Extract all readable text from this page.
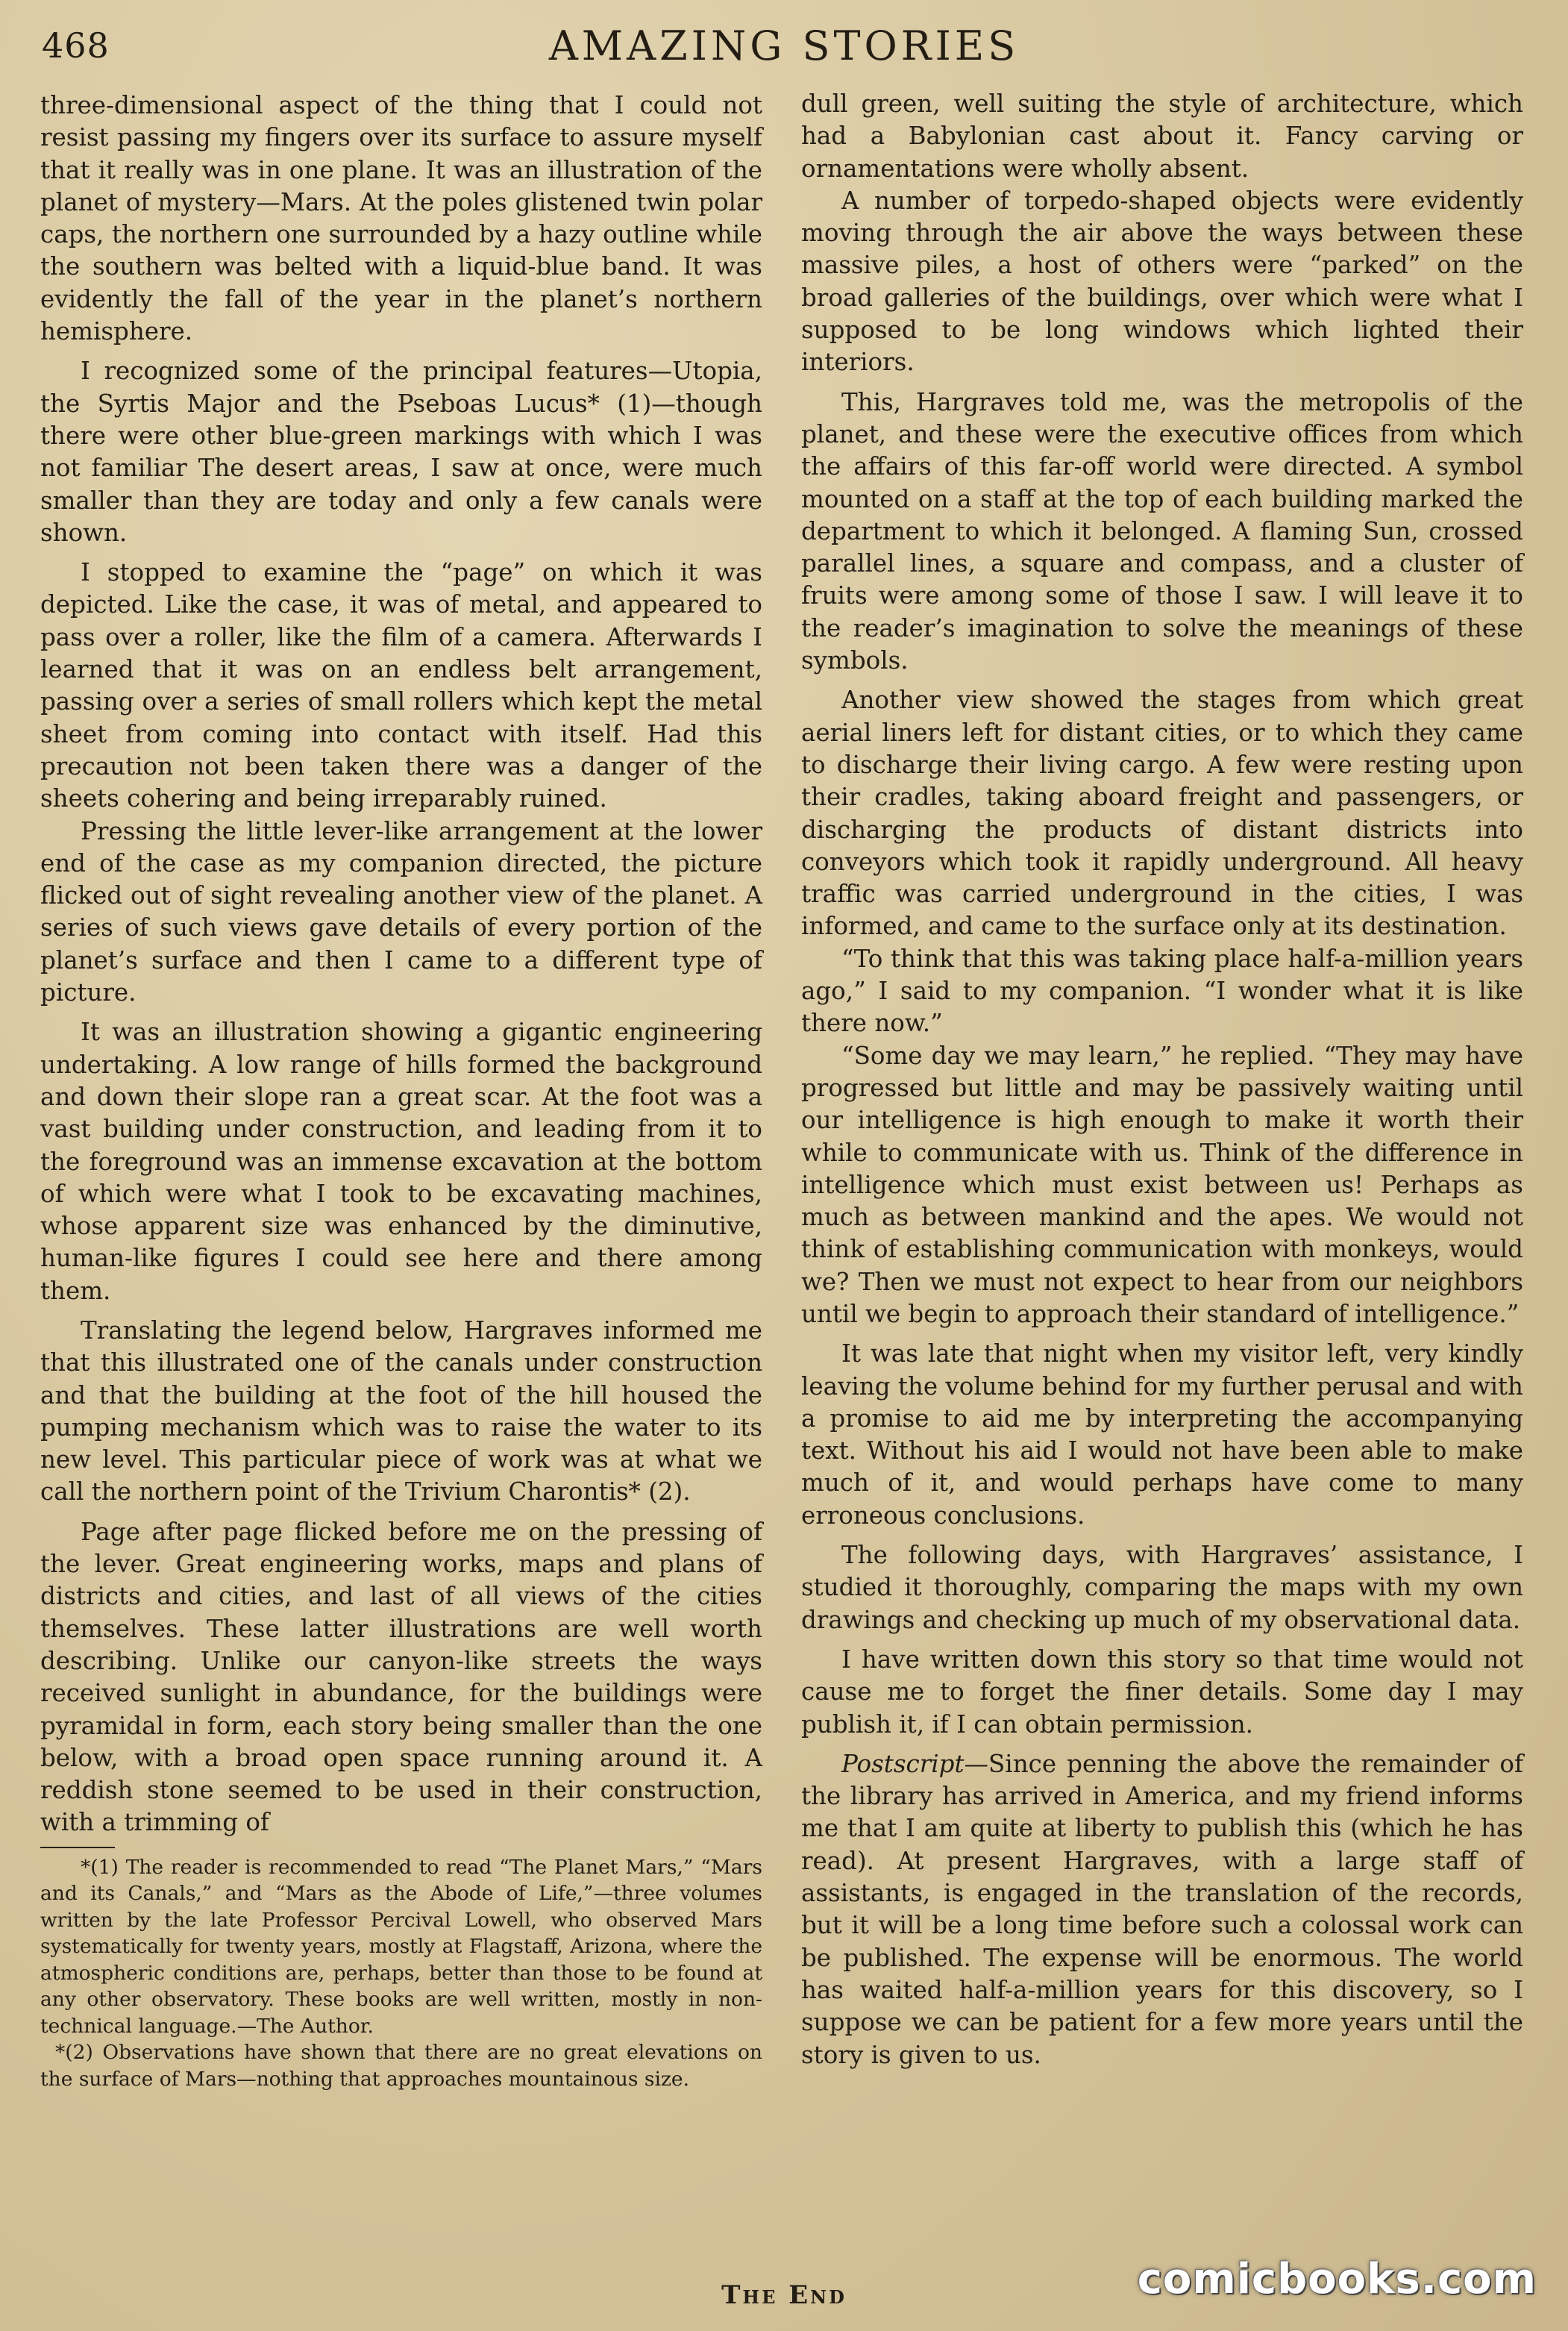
468	AMAZING STORIES

three-dimensional aspect of the thing that I could not resist passing my fingers over its surface to assure myself that it really was in one plane. It was an illustration of the planet of mystery—Mars. At the poles glistened twin polar caps, the northern one surrounded by a hazy outline while the southern was belted with a liquid-blue band. It was evidently the fall of the year in the planet’s northern hemisphere.

I recognized some of the principal features—Utopia, the Syrtis Major and the Pseboas Lucus* (1)—though there were other blue-green markings with which I was not familiar The desert areas, I saw at once, were much smaller than they are today and only a few canals were shown.

I stopped to examine the “page” on which it was depicted. Like the case, it was of metal, and appeared to pass over a roller, like the film of a camera. Afterwards I learned that it was on an endless belt arrangement, passing over a series of small rollers which kept the metal sheet from coming into contact with itself. Had this precaution not been taken there was a danger of the sheets cohering and being irreparably ruined.

Pressing the little lever-like arrangement at the lower end of the case as my companion directed, the picture flicked out of sight revealing another view of the planet. A series of such views gave details of every portion of the planet’s surface and then I came to a different type of picture.

It was an illustration showing a gigantic engineering undertaking. A low range of hills formed the background and down their slope ran a great scar. At the foot was a vast building under construction, and leading from it to the foreground was an immense excavation at the bottom of which were what I took to be excavating machines, whose apparent size was enhanced by the diminutive, human-like figures I could see here and there among them.

Translating the legend below, Hargraves informed me that this illustrated one of the canals under construction and that the building at the foot of the hill housed the pumping mechanism which was to raise the water to its new level. This particular piece of work was at what we call the northern point of the Trivium Charontis* (2).

Page after page flicked before me on the pressing of the lever. Great engineering works, maps and plans of districts and cities, and last of all views of the cities themselves. These latter illustrations are well worth describing. Unlike our canyon-like streets the ways received sunlight in abundance, for the buildings were pyramidal in form, each story being smaller than the one below, with a broad open space running around it. A reddish stone seemed to be used in their construction, with a trimming of

*(1) The reader is recommended to read “The Planet Mars,” “Mars and its Canals,” and “Mars as the Abode of Life,”—three volumes written by the late Professor Percival Lowell, who observed Mars systematically for twenty years, mostly at Flagstaff, Arizona, where the atmospheric conditions are, perhaps, better than those to be found at any other observatory. These books are well written, mostly in non-technical language.—The Author.

*(2) Observations have shown that there are no great elevations on the surface of Mars—nothing that approaches mountainous size.

dull green, well suiting the style of architecture, which had a Babylonian cast about it. Fancy carving or ornamentations were wholly absent.

A number of torpedo-shaped objects were evidently moving through the air above the ways between these massive piles, a host of others were “parked” on the broad galleries of the buildings, over which were what I supposed to be long windows which lighted their interiors.

This, Hargraves told me, was the metropolis of the planet, and these were the executive offices from which the affairs of this far-off world were directed. A symbol mounted on a staff at the top of each building marked the department to which it belonged. A flaming Sun, crossed parallel lines, a square and compass, and a cluster of fruits were among some of those I saw. I will leave it to the reader’s imagination to solve the meanings of these symbols.

Another view showed the stages from which great aerial liners left for distant cities, or to which they came to discharge their living cargo. A few were resting upon their cradles, taking aboard freight and passengers, or discharging the products of distant districts into conveyors which took it rapidly underground. All heavy traffic was carried underground in the cities, I was informed, and came to the surface only at its destination.

“To think that this was taking place half-a-million years ago,” I said to my companion. “I wonder what it is like there now.”

“Some day we may learn,” he replied. “They may have progressed but little and may be passively waiting until our intelligence is high enough to make it worth their while to communicate with us. Think of the difference in intelligence which must exist between us! Perhaps as much as between mankind and the apes. We would not think of establishing communication with monkeys, would we? Then we must not expect to hear from our neighbors until we begin to approach their standard of intelligence.”

It was late that night when my visitor left, very kindly leaving the volume behind for my further perusal and with a promise to aid me by interpreting the accompanying text. Without his aid I would not have been able to make much of it, and would perhaps have come to many erroneous conclusions.

The following days, with Hargraves’ assistance, I studied it thoroughly, comparing the maps with my own drawings and checking up much of my observational data.

I have written down this story so that time would not cause me to forget the finer details. Some day I may publish it, if I can obtain permission.

Postscript—Since penning the above the remainder of the library has arrived in America, and my friend informs me that I am quite at liberty to publish this (which he has read). At present Hargraves, with a large staff of assistants, is engaged in the translation of the records, but it will be a long time before such a colossal work can be published. The expense will be enormous. The world has waited half-a-million years for this discovery, so I suppose we can be patient for a few more years until the story is given to us.

The End	comicbooks.com
